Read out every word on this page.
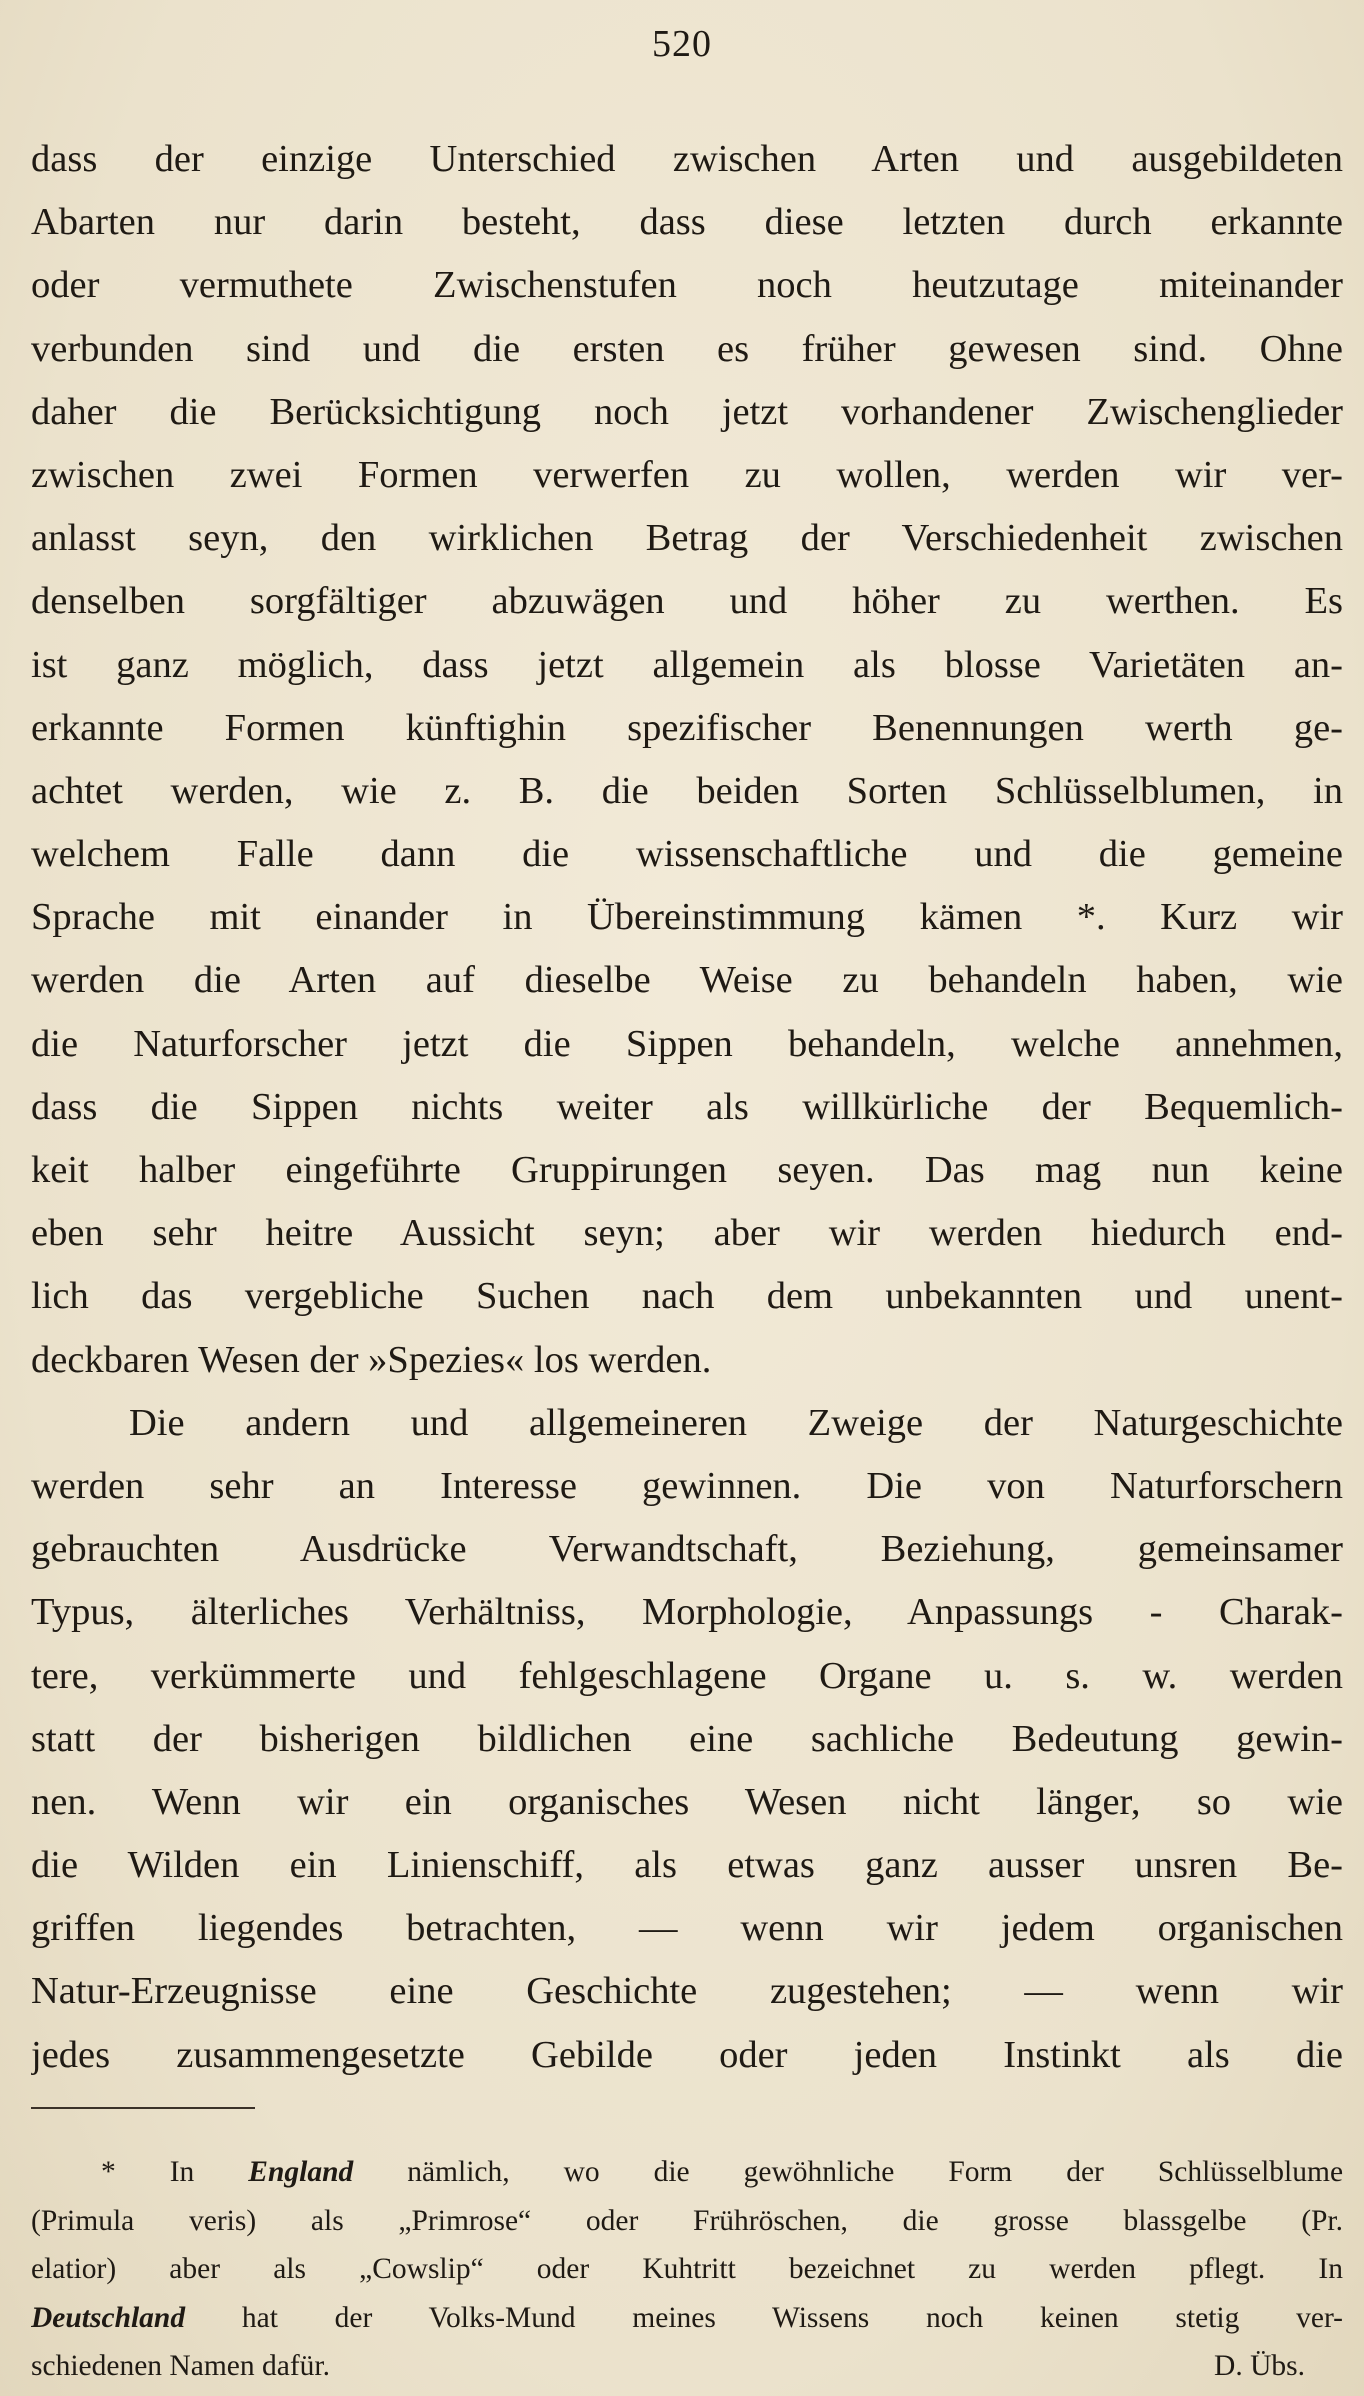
520
dass der einzige Unterschied zwischen Arten und ausgebildeten
Abarten nur darin besteht, dass diese letzten durch erkannte
oder vermuthete Zwischenstufen noch heutzutage miteinander
verbunden sind und die ersten es früher gewesen sind. Ohne
daher die Berücksichtigung noch jetzt vorhandener Zwischenglieder
zwischen zwei Formen verwerfen zu wollen, werden wir ver-
anlasst seyn, den wirklichen Betrag der Verschiedenheit zwischen
denselben sorgfältiger abzuwägen und höher zu werthen. Es
ist ganz möglich, dass jetzt allgemein als blosse Varietäten an-
erkannte Formen künftighin spezifischer Benennungen werth ge-
achtet werden, wie z. B. die beiden Sorten Schlüsselblumen, in
welchem Falle dann die wissenschaftliche und die gemeine
Sprache mit einander in Übereinstimmung kämen *. Kurz wir
werden die Arten auf dieselbe Weise zu behandeln haben, wie
die Naturforscher jetzt die Sippen behandeln, welche annehmen,
dass die Sippen nichts weiter als willkürliche der Bequemlich-
keit halber eingeführte Gruppirungen seyen. Das mag nun keine
eben sehr heitre Aussicht seyn; aber wir werden hiedurch end-
lich das vergebliche Suchen nach dem unbekannten und unent-
deckbaren Wesen der »Spezies« los werden.
Die andern und allgemeineren Zweige der Naturgeschichte
werden sehr an Interesse gewinnen. Die von Naturforschern
gebrauchten Ausdrücke Verwandtschaft, Beziehung, gemeinsamer
Typus, älterliches Verhältniss, Morphologie, Anpassungs - Charak-
tere, verkümmerte und fehlgeschlagene Organe u. s. w. werden
statt der bisherigen bildlichen eine sachliche Bedeutung gewin-
nen. Wenn wir ein organisches Wesen nicht länger, so wie
die Wilden ein Linienschiff, als etwas ganz ausser unsren Be-
griffen liegendes betrachten, — wenn wir jedem organischen
Natur-Erzeugnisse eine Geschichte zugestehen; — wenn wir
jedes zusammengesetzte Gebilde oder jeden Instinkt als die
* In England nämlich, wo die gewöhnliche Form der Schlüsselblume
(Primula veris) als „Primrose“ oder Frühröschen, die grosse blassgelbe (Pr.
elatior) aber als „Cowslip“ oder Kuhtritt bezeichnet zu werden pflegt. In
Deutschland hat der Volks-Mund meines Wissens noch keinen stetig ver-
schiedenen Namen dafür.	D. Übs.
